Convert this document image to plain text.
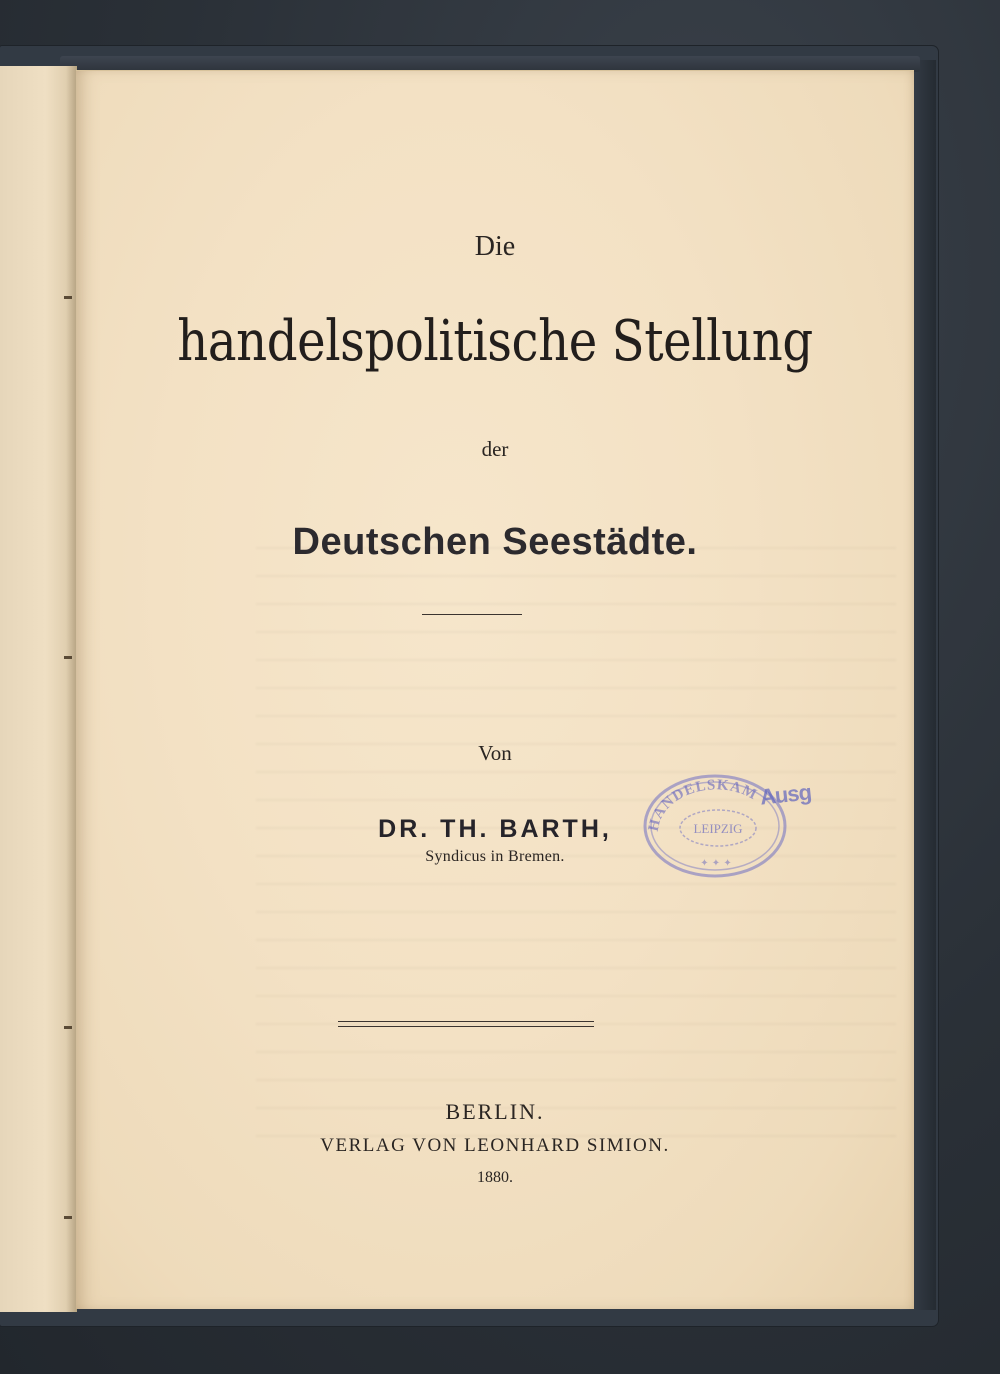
Die
handelspolitische Stellung
der
Deutschen Seestädte.
Von
DR. TH. BARTH,
Syndicus in Bremen.
BERLIN.
VERLAG VON LEONHARD SIMION.
1880.
HANDELSKAM
LEIPZIG
✦ ✦ ✦
Ausg
